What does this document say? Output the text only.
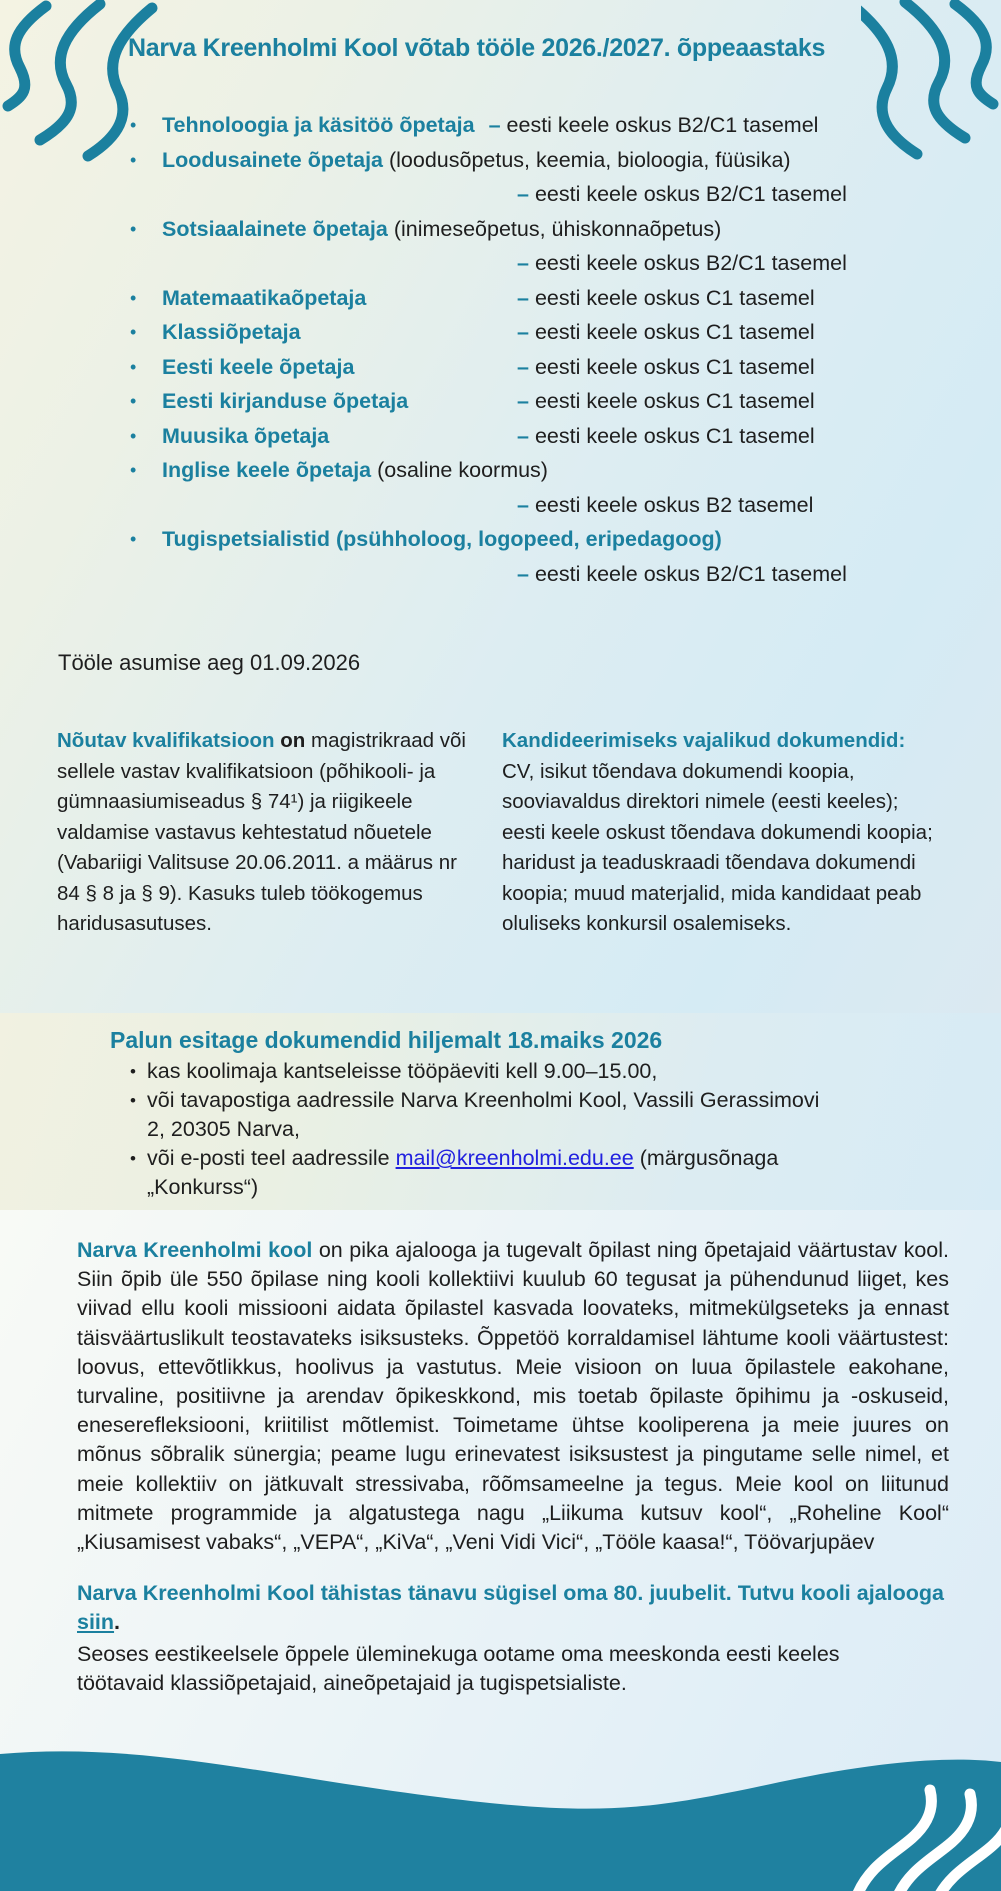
Narva Kreenholmi Kool võtab tööle 2026./2027. õppeaastaks
• Tehnoloogia ja käsitöö õpetaja – eesti keele oskus B2/C1 tasemel
• Loodusainete õpetaja (loodusõpetus, keemia, bioloogia, füüsika)
– eesti keele oskus B2/C1 tasemel
• Sotsiaalainete õpetaja (inimeseõpetus, ühiskonnaõpetus)
– eesti keele oskus B2/C1 tasemel
• Matemaatikaõpetaja	– eesti keele oskus C1 tasemel
• Klassiõpetaja	– eesti keele oskus C1 tasemel
• Eesti keele õpetaja	– eesti keele oskus C1 tasemel
• Eesti kirjanduse õpetaja	– eesti keele oskus C1 tasemel
• Muusika õpetaja	– eesti keele oskus C1 tasemel
• Inglise keele õpetaja (osaline koormus)
– eesti keele oskus B2 tasemel
• Tugispetsialistid (psühholoog, logopeed, eripedagoog)
– eesti keele oskus B2/C1 tasemel
Tööle asumise aeg 01.09.2026
Nõutav kvalifikatsioon on magistrikraad või sellele vastav kvalifikatsioon (põhikooli- ja gümnaasiumiseadus § 74¹) ja riigikeele valdamise vastavus kehtestatud nõuetele (Vabariigi Valitsuse 20.06.2011. a määrus nr 84 § 8 ja § 9). Kasuks tuleb töökogemus haridusasutuses.
Kandideerimiseks vajalikud dokumendid:
CV, isikut tõendava dokumendi koopia, sooviavaldus direktori nimele (eesti keeles); eesti keele oskust tõendava dokumendi koopia; haridust ja teaduskraadi tõendava dokumendi koopia; muud materjalid, mida kandidaat peab oluliseks konkursil osalemiseks.
Palun esitage dokumendid hiljemalt 18.maiks 2026
• kas koolimaja kantseleisse tööpäeviti kell 9.00–15.00,
• või tavapostiga aadressile Narva Kreenholmi Kool, Vassili Gerassimovi 2, 20305 Narva,
• või e-posti teel aadressile mail@kreenholmi.edu.ee (märgusõnaga „Konkurss“)
Narva Kreenholmi kool on pika ajalooga ja tugevalt õpilast ning õpetajaid väärtustav kool. Siin õpib üle 550 õpilase ning kooli kollektiivi kuulub 60 tegusat ja pühendunud liiget, kes viivad ellu kooli missiooni aidata õpilastel kasvada loovateks, mitmekülgseteks ja ennast täisväärtuslikult teostavateks isiksusteks. Õppetöö korraldamisel lähtume kooli väärtustest: loovus, ettevõtlikkus, hoolivus ja vastutus. Meie visioon on luua õpilastele eakohane, turvaline, positiivne ja arendav õpikeskkond, mis toetab õpilaste õpihimu ja -oskuseid, eneserefleksiooni, kriitilist mõtlemist. Toimetame ühtse kooliperena ja meie juures on mõnus sõbralik sünergia; peame lugu erinevatest isiksustest ja pingutame selle nimel, et meie kollektiiv on jätkuvalt stressivaba, rõõmsameelne ja tegus. Meie kool on liitunud mitmete programmide ja algatustega nagu „Liikuma kutsuv kool“, „Roheline Kool“ „Kiusamisest vabaks“, „VEPA“, „KiVa“, „Veni Vidi Vici“, „Tööle kaasa!“, Töövarjupäev
Narva Kreenholmi Kool tähistas tänavu sügisel oma 80. juubelit. Tutvu kooli ajalooga siin.
Seoses eestikeelsele õppele üleminekuga ootame oma meeskonda eesti keeles töötavaid klassiõpetajaid, aineõpetajaid ja tugispetsialiste.
